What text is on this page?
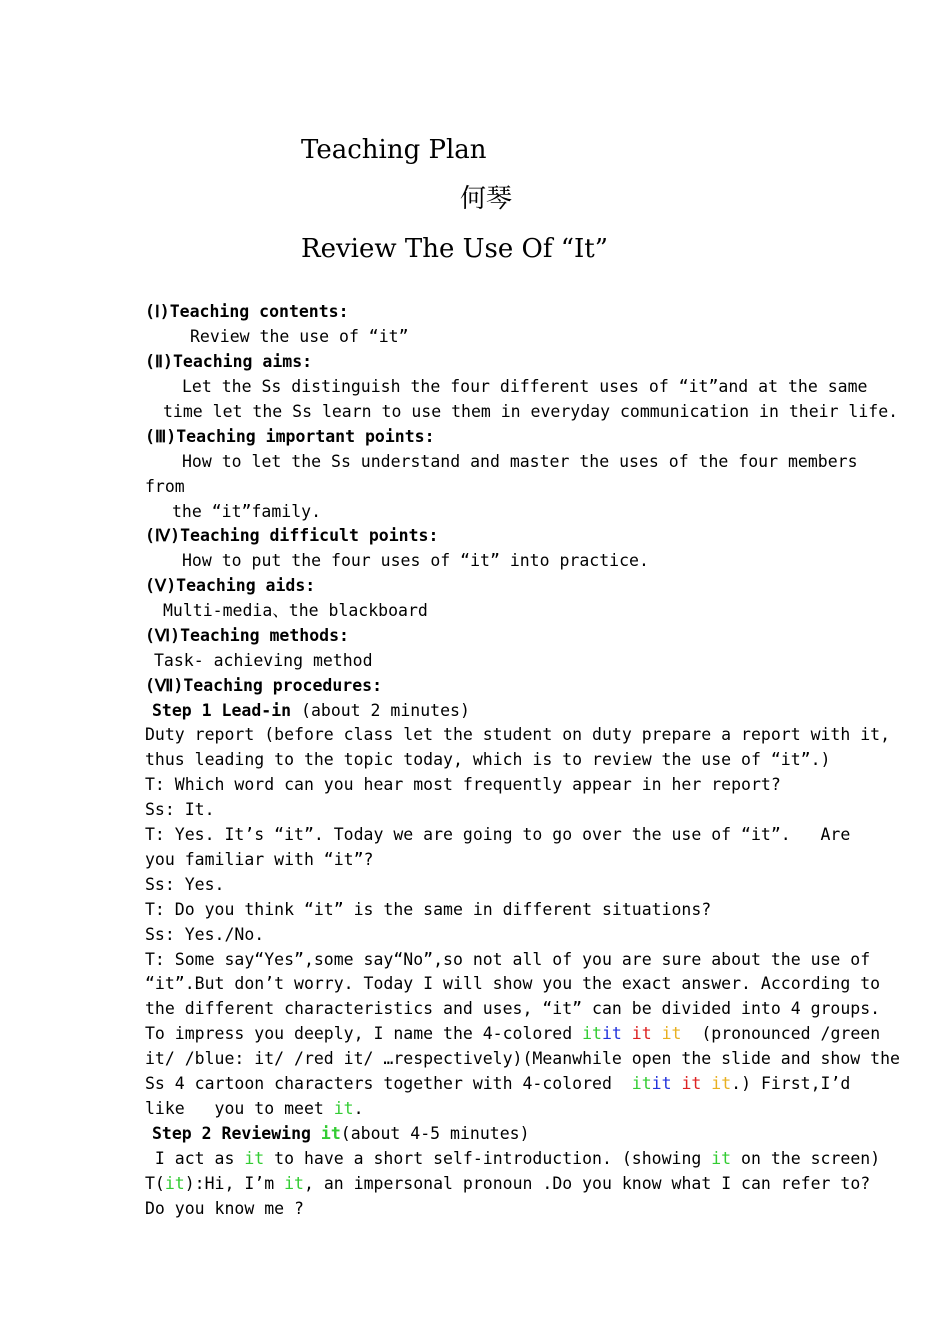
Teaching Plan
何琴
Review The Use Of “It”
(Ⅰ)Teaching contents:
Review the use of “it”
(Ⅱ)Teaching aims:
Let the Ss distinguish the four different uses of “it”and at the same
time let the Ss learn to use them in everyday communication in their life.
(Ⅲ)Teaching important points:
How to let the Ss understand and master the uses of the four members
from
the “it”family.
(Ⅳ)Teaching difficult points:
How to put the four uses of “it” into practice.
(Ⅴ)Teaching aids:
Multi-media、the blackboard
(Ⅵ)Teaching methods:
Task- achieving method
(Ⅶ)Teaching procedures:
Step 1 Lead-in (about 2 minutes)
Duty report (before class let the student on duty prepare a report with it,
thus leading to the topic today, which is to review the use of “it”.)
T: Which word can you hear most frequently appear in her report?
Ss: It.
T: Yes. It’s “it”. Today we are going to go over the use of “it”.   Are
you familiar with “it”?
Ss: Yes.
T: Do you think “it” is the same in different situations?
Ss: Yes./No.
T: Some say“Yes”,some say“No”,so not all of you are sure about the use of
“it”.But don’t worry. Today I will show you the exact answer. According to
the different characteristics and uses, “it” can be divided into 4 groups.
To impress you deeply, I name the 4-colored itit it it  (pronounced /green
it/ /blue: it/ /red it/ …respectively)(Meanwhile open the slide and show the
Ss 4 cartoon characters together with 4-colored  itit it it.) First,I’d
like   you to meet it.
Step 2 Reviewing it(about 4-5 minutes)
I act as it to have a short self-introduction. (showing it on the screen)
T(it):Hi, I’m it, an impersonal pronoun .Do you know what I can refer to?
Do you know me ?
